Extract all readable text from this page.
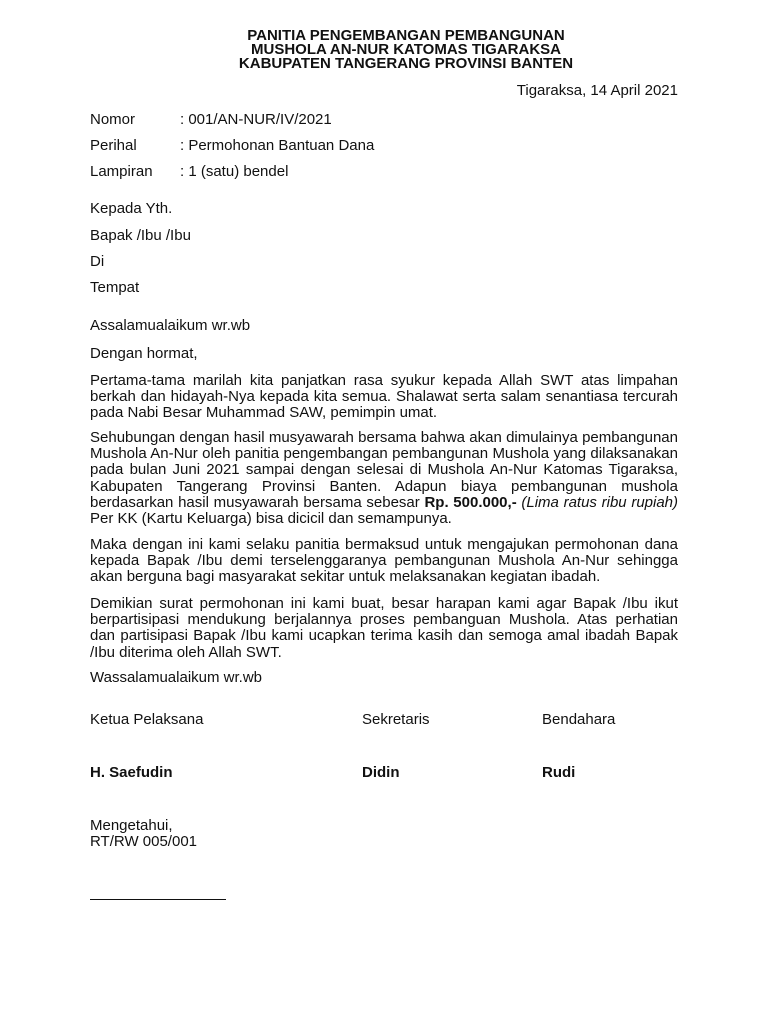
PANITIA PENGEMBANGAN PEMBANGUNAN
MUSHOLA AN-NUR KATOMAS TIGARAKSA
KABUPATEN TANGERANG PROVINSI BANTEN
Tigaraksa, 14 April 2021
Nomor	: 001/AN-NUR/IV/2021
Perihal	: Permohonan Bantuan Dana
Lampiran : 1 (satu) bendel
Kepada Yth.
Bapak /Ibu /Ibu
Di
Tempat
Assalamualaikum wr.wb
Dengan hormat,
Pertama-tama marilah kita panjatkan rasa syukur kepada Allah SWT atas limpahan berkah dan hidayah-Nya kepada kita semua. Shalawat serta salam senantiasa tercurah pada Nabi Besar Muhammad SAW, pemimpin umat.
Sehubungan dengan hasil musyawarah bersama bahwa akan dimulainya pembangunan Mushola An-Nur oleh panitia pengembangan pembangunan Mushola yang dilaksanakan pada bulan Juni 2021 sampai dengan selesai di Mushola An-Nur Katomas Tigaraksa, Kabupaten Tangerang Provinsi Banten. Adapun biaya pembangunan mushola berdasarkan hasil musyawarah bersama sebesar Rp. 500.000,- (Lima ratus ribu rupiah) Per KK (Kartu Keluarga) bisa dicicil dan semampunya.
Maka dengan ini kami selaku panitia bermaksud untuk mengajukan permohonan dana kepada Bapak /Ibu demi terselenggaranya pembangunan Mushola An-Nur sehingga akan berguna bagi masyarakat sekitar untuk melaksanakan kegiatan ibadah.
Demikian surat permohonan ini kami buat, besar harapan kami agar Bapak /Ibu ikut berpartisipasi mendukung berjalannya proses pembanguan Mushola. Atas perhatian dan partisipasi Bapak /Ibu kami ucapkan terima kasih dan semoga amal ibadah Bapak /Ibu diterima oleh Allah SWT.
Wassalamualaikum wr.wb
Ketua Pelaksana	Sekretaris	Bendahara
H. Saefudin	Didin	Rudi
Mengetahui,
RT/RW 005/001
